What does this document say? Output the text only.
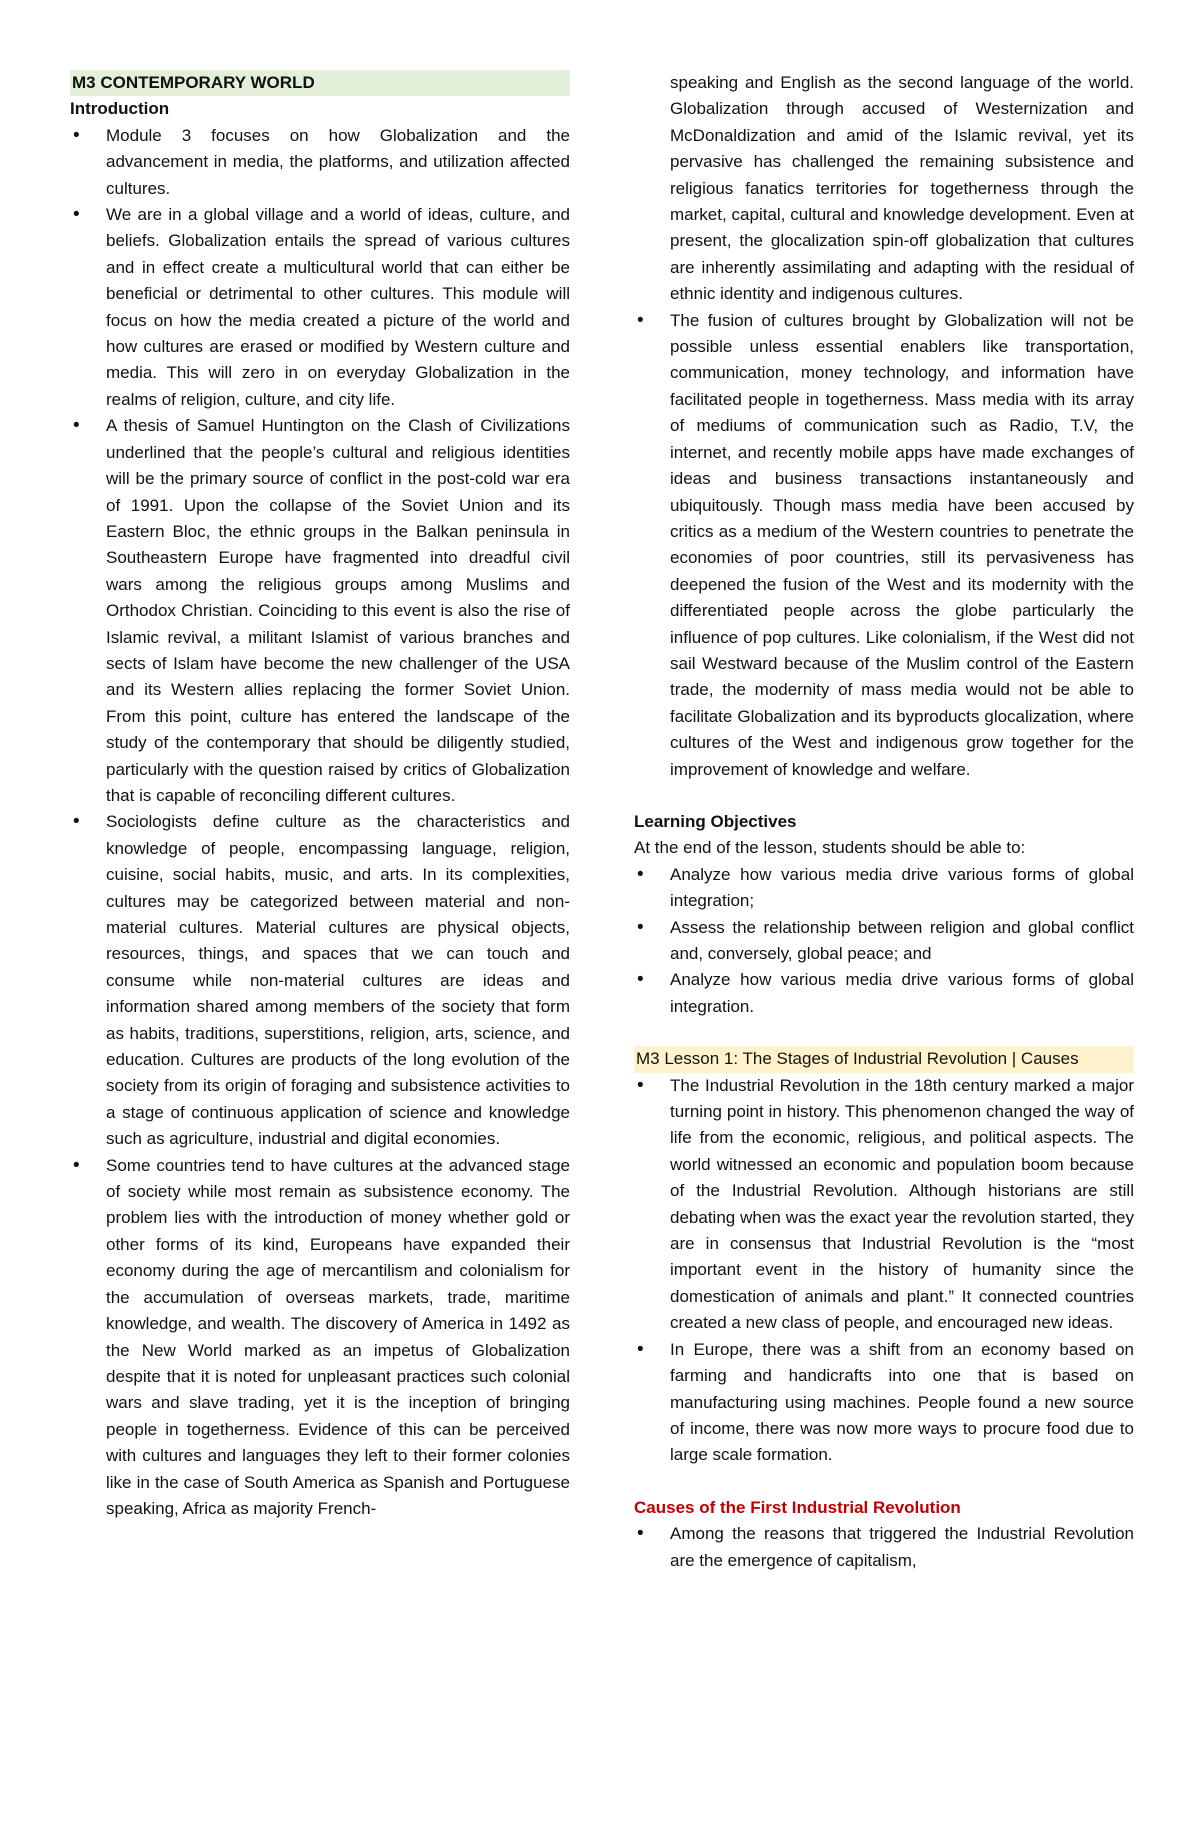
M3 CONTEMPORARY WORLD

Introduction

• Module 3 focuses on how Globalization and the advancement in media, the platforms, and utilization affected cultures.
• We are in a global village and a world of ideas, culture, and beliefs. Globalization entails the spread of various cultures and in effect create a multicultural world that can either be beneficial or detrimental to other cultures. This module will focus on how the media created a picture of the world and how cultures are erased or modified by Western culture and media. This will zero in on everyday Globalization in the realms of religion, culture, and city life.
• A thesis of Samuel Huntington on the Clash of Civilizations underlined that the people’s cultural and religious identities will be the primary source of conflict in the post-cold war era of 1991. Upon the collapse of the Soviet Union and its Eastern Bloc, the ethnic groups in the Balkan peninsula in Southeastern Europe have fragmented into dreadful civil wars among the religious groups among Muslims and Orthodox Christian. Coinciding to this event is also the rise of Islamic revival, a militant Islamist of various branches and sects of Islam have become the new challenger of the USA and its Western allies replacing the former Soviet Union. From this point, culture has entered the landscape of the study of the contemporary that should be diligently studied, particularly with the question raised by critics of Globalization that is capable of reconciling different cultures.
• Sociologists define culture as the characteristics and knowledge of people, encompassing language, religion, cuisine, social habits, music, and arts. In its complexities, cultures may be categorized between material and non-material cultures. Material cultures are physical objects, resources, things, and spaces that we can touch and consume while non-material cultures are ideas and information shared among members of the society that form as habits, traditions, superstitions, religion, arts, science, and education. Cultures are products of the long evolution of the society from its origin of foraging and subsistence activities to a stage of continuous application of science and knowledge such as agriculture, industrial and digital economies.
• Some countries tend to have cultures at the advanced stage of society while most remain as subsistence economy. The problem lies with the introduction of money whether gold or other forms of its kind, Europeans have expanded their economy during the age of mercantilism and colonialism for the accumulation of overseas markets, trade, maritime knowledge, and wealth. The discovery of America in 1492 as the New World marked as an impetus of Globalization despite that it is noted for unpleasant practices such colonial wars and slave trading, yet it is the inception of bringing people in togetherness. Evidence of this can be perceived with cultures and languages they left to their former colonies like in the case of South America as Spanish and Portuguese speaking, Africa as majority French-

speaking and English as the second language of the world. Globalization through accused of Westernization and McDonaldization and amid of the Islamic revival, yet its pervasive has challenged the remaining subsistence and religious fanatics territories for togetherness through the market, capital, cultural and knowledge development. Even at present, the glocalization spin-off globalization that cultures are inherently assimilating and adapting with the residual of ethnic identity and indigenous cultures.

• The fusion of cultures brought by Globalization will not be possible unless essential enablers like transportation, communication, money technology, and information have facilitated people in togetherness. Mass media with its array of mediums of communication such as Radio, T.V, the internet, and recently mobile apps have made exchanges of ideas and business transactions instantaneously and ubiquitously. Though mass media have been accused by critics as a medium of the Western countries to penetrate the economies of poor countries, still its pervasiveness has deepened the fusion of the West and its modernity with the differentiated people across the globe particularly the influence of pop cultures. Like colonialism, if the West did not sail Westward because of the Muslim control of the Eastern trade, the modernity of mass media would not be able to facilitate Globalization and its byproducts glocalization, where cultures of the West and indigenous grow together for the improvement of knowledge and welfare.

Learning Objectives

At the end of the lesson, students should be able to:

• Analyze how various media drive various forms of global integration;
• Assess the relationship between religion and global conflict and, conversely, global peace; and
• Analyze how various media drive various forms of global integration.
M3 Lesson 1: The Stages of Industrial Revolution | Causes
• The Industrial Revolution in the 18th century marked a major turning point in history. This phenomenon changed the way of life from the economic, religious, and political aspects. The world witnessed an economic and population boom because of the Industrial Revolution. Although historians are still debating when was the exact year the revolution started, they are in consensus that Industrial Revolution is the “most important event in the history of humanity since the domestication of animals and plant.” It connected countries created a new class of people, and encouraged new ideas.
• In Europe, there was a shift from an economy based on farming and handicrafts into one that is based on manufacturing using machines. People found a new source of income, there was now more ways to procure food due to large scale formation.

Causes of the First Industrial Revolution

• Among the reasons that triggered the Industrial Revolution are the emergence of capitalism,
